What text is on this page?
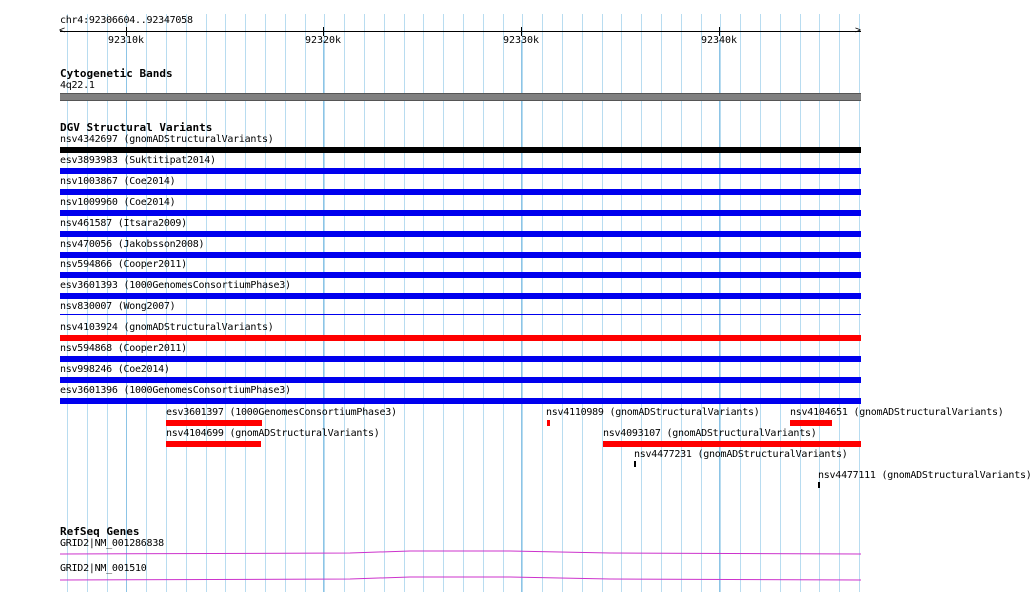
chr4:92306604..92347058
>
92310k	92320k	92330k	92340k
Cytogenetic Bands
4q22.1
DGV Structural Variants
nsv4342697 (gnomADStructuralVariants)
esv3893983 (Suktitipat2014)
nsv1003867 (Coe2014)
nsv1009960 (Coe2014)
nsv461587 (Itsara2009)
nsv470056 (Jakobsson2008)
nsv594866 (Cooper2011)
esv3601393 (1000GenomesConsortiumPhase3)
nsv830007 (Wong2007)
nsv4103924 (gnomADStructuralVariants)
nsv594868 (Cooper2011)
nsv998246 (Coe2014)
esv3601396 (1000GenomesConsortiumPhase3)
esv3601397 (1000GenomesConsortiumPhase3)
nsv4104699 (gnomADStructuralVariants)
nsv4110989 (gnomADStructuralVariants)
nsv4093107 (gnomADStructuralVariants)
nsv4477231 (gnomADStructuralVariants)
nsv4104651 (gnomADStructuralVariants)
nsv4477111 (gnomADStructuralVariants)
RefSeq Genes
GRID2|NM_001286838
GRID2|NM_001510
